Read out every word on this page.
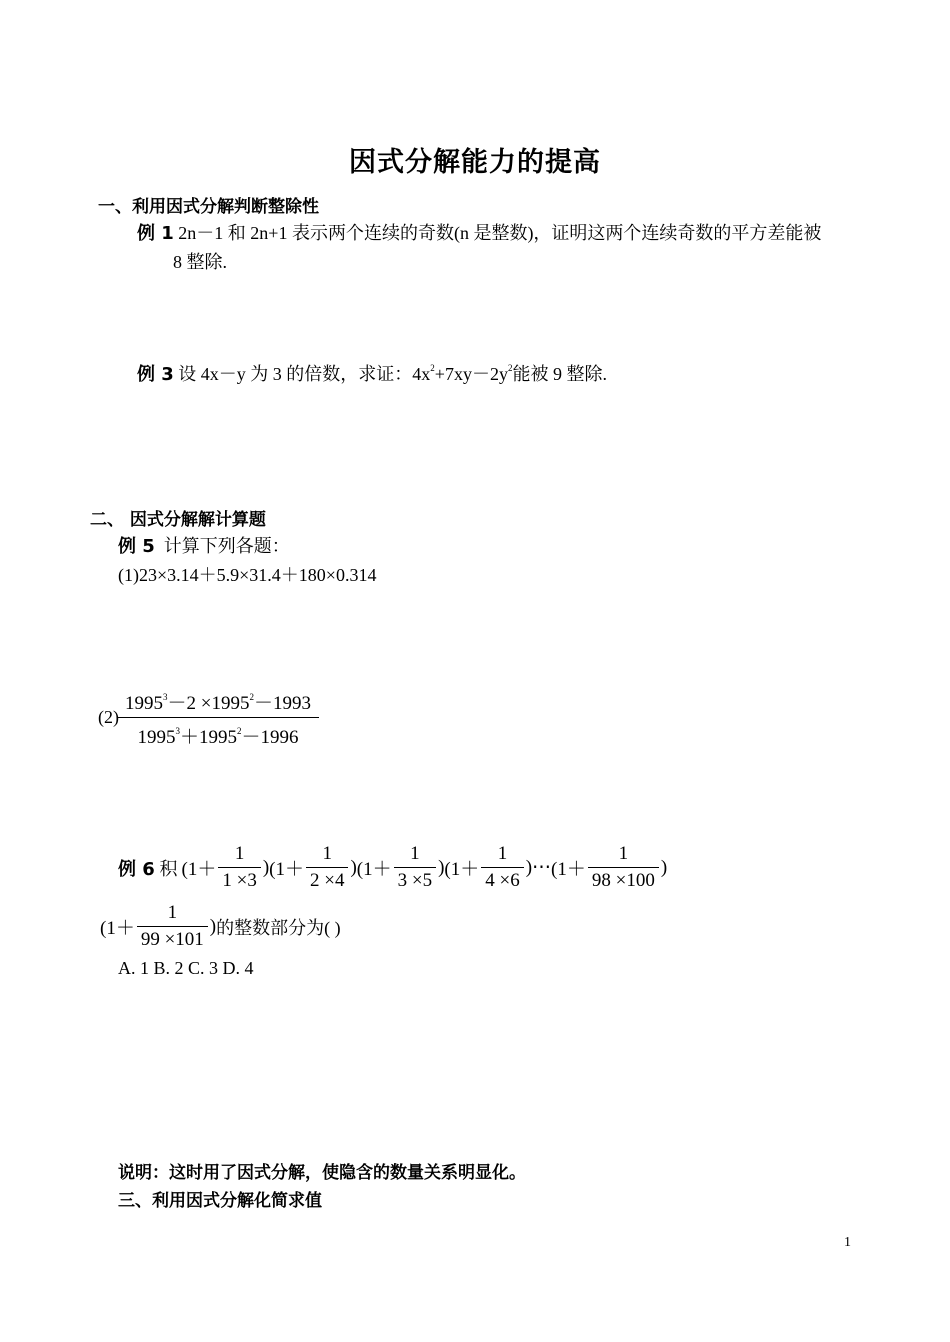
因式分解能力的提高
一、利用因式分解判断整除性
例 1 2n－1 和 2n+1 表示两个连续的奇数(n 是整数)，证明这两个连续奇数的平方差能被
8 整除.
例 3 设 4x－y 为 3 的倍数，求证：$4x^2+7xy-2y^2$能被 9 整除.
二、 因式分解解计算题
例 5 计算下列各题：
(1)23×3.14＋5.9×31.4＋180×0.314
$(2) \frac{1995^3-2 \times 1995^2-1993}{1995^3+1995^2-1996}$
例 6
积 ($1+ \frac{1}{1 \times 3}$ ) ($1+ \frac{1}{2 \times 4}$ ) ($1+ \frac{1}{3 \times 5}$ ) ($1+ \frac{1}{4 \times 6}$ )⋯ ($1+ \frac{1}{98 \times 100}$ )
($1+ \frac{1}{99 \times 101}$ ) 的整数部分为( )
A. 1 B. 2 C. 3 D. 4
说明：这时用了因式分解，使隐含的数量关系明显化。
三、利用因式分解化简求值
1
